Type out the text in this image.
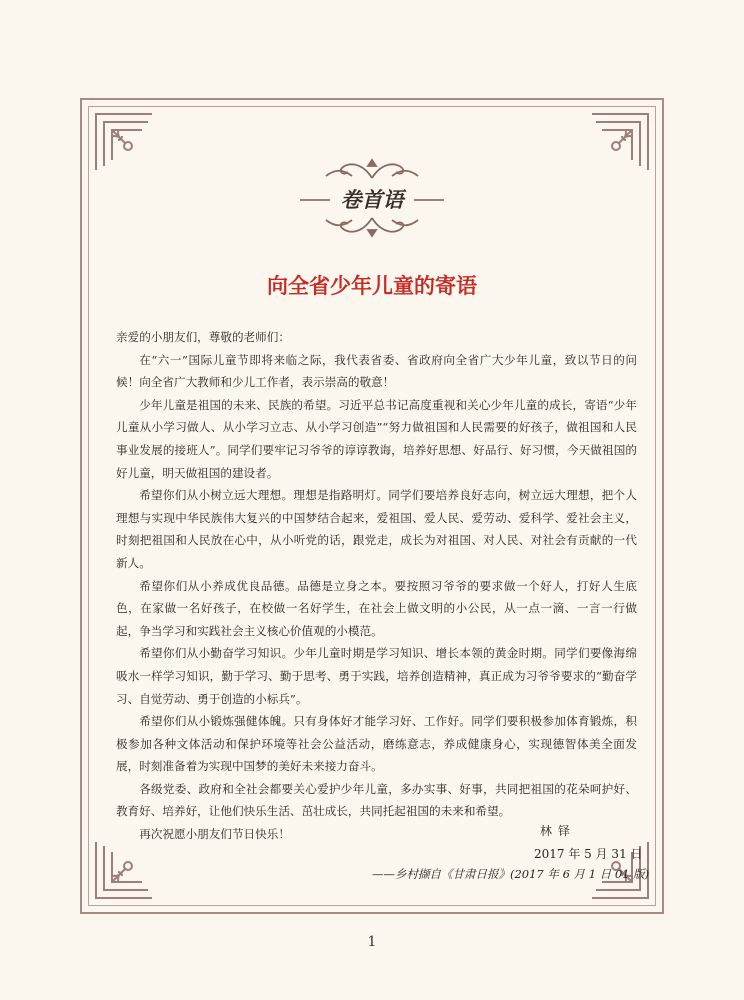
卷首语
向全省少年儿童的寄语

亲爱的小朋友们，尊敬的老师们：

在“六一”国际儿童节即将来临之际，我代表省委、省政府向全省广大少年儿童，致以节日的问候！向全省广大教师和少儿工作者，表示崇高的敬意！

少年儿童是祖国的未来、民族的希望。习近平总书记高度重视和关心少年儿童的成长，寄语“少年儿童从小学习做人、从小学习立志、从小学习创造”“努力做祖国和人民需要的好孩子，做祖国和人民事业发展的接班人”。同学们要牢记习爷爷的谆谆教诲，培养好思想、好品行、好习惯，今天做祖国的好儿童，明天做祖国的建设者。

希望你们从小树立远大理想。理想是指路明灯。同学们要培养良好志向，树立远大理想，把个人理想与实现中华民族伟大复兴的中国梦结合起来，爱祖国、爱人民、爱劳动、爱科学、爱社会主义，时刻把祖国和人民放在心中，从小听党的话，跟党走，成长为对祖国、对人民、对社会有贡献的一代新人。

希望你们从小养成优良品德。品德是立身之本。要按照习爷爷的要求做一个好人，打好人生底色，在家做一名好孩子，在校做一名好学生，在社会上做文明的小公民，从一点一滴、一言一行做起，争当学习和实践社会主义核心价值观的小模范。

希望你们从小勤奋学习知识。少年儿童时期是学习知识、增长本领的黄金时期。同学们要像海绵吸水一样学习知识，勤于学习、勤于思考、勇于实践，培养创造精神，真正成为习爷爷要求的“勤奋学习、自觉劳动、勇于创造的小标兵”。

希望你们从小锻炼强健体魄。只有身体好才能学习好、工作好。同学们要积极参加体育锻炼，积极参加各种文体活动和保护环境等社会公益活动，磨练意志，养成健康身心，实现德智体美全面发展，时刻准备着为实现中国梦的美好未来接力奋斗。

各级党委、政府和全社会都要关心爱护少年儿童，多办实事、好事，共同把祖国的花朵呵护好、教育好、培养好，让他们快乐生活、茁壮成长，共同托起祖国的未来和希望。

再次祝愿小朋友们节日快乐！	林铎
2017 年 5 月 31 日
——乡村撷自《甘肃日报》(2017 年 6 月 1 日 01 版)
1
